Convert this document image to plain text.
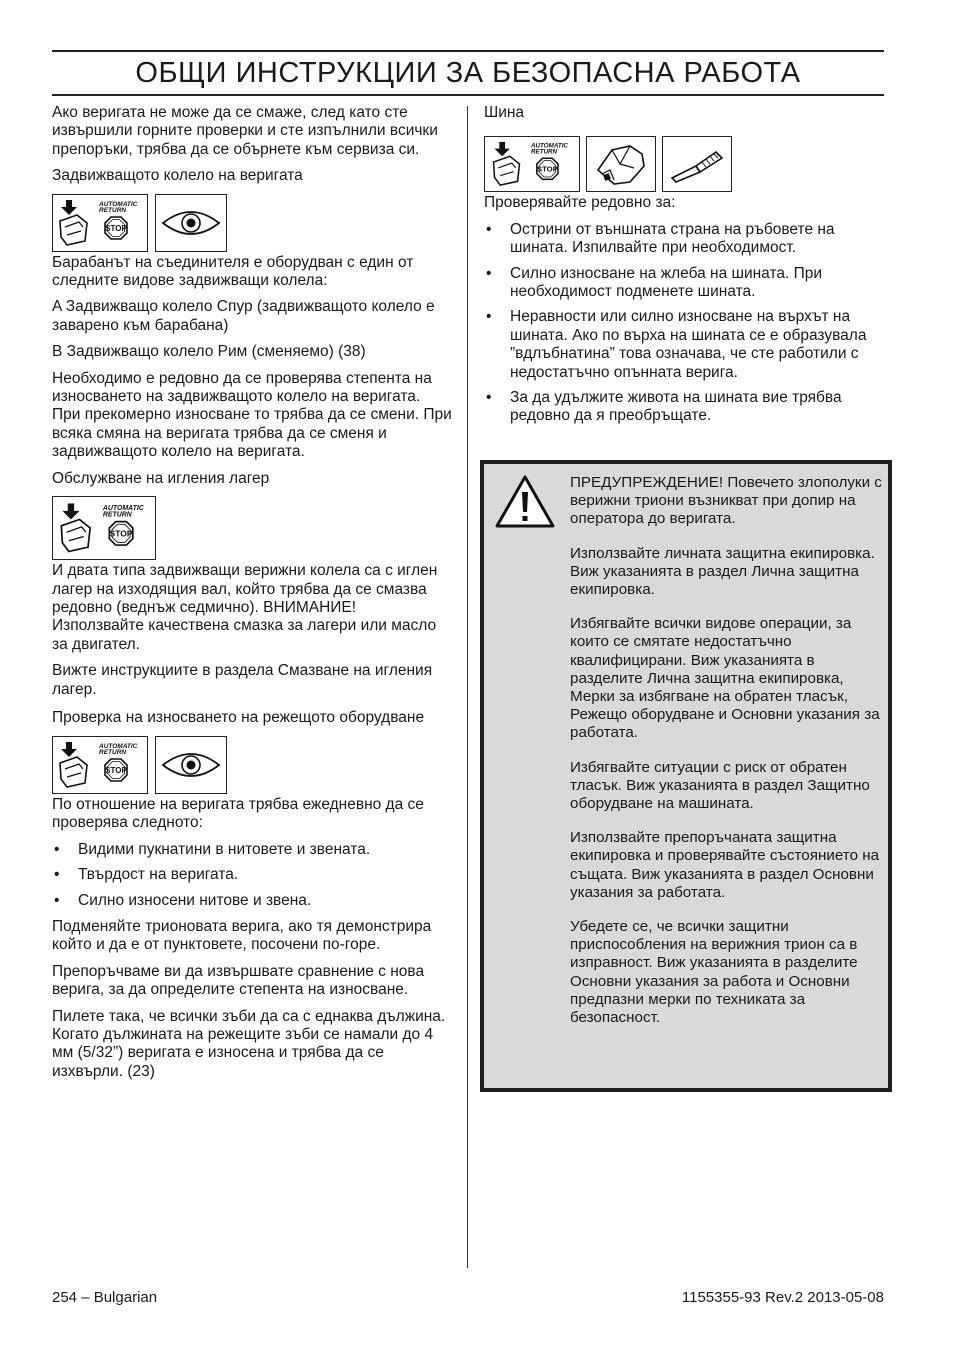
ОБЩИ ИНСТРУКЦИИ ЗА БЕЗОПАСНА РАБОТА

Ако веригата не може да се смаже, след като сте извършили горните проверки и сте изпълнили всички препоръки, трябва да се обърнете към сервиза си.

Задвижващото колело на веригата

AUTOMATIC
RETURN
STOP

Барабанът на съединителя е оборудван с един от следните видове задвижващи колела:

A Задвижващо колело Спур (задвижващото колело е заварено към барабана)

B Задвижващо колело Рим (сменяемо) (38)

Необходимо е редовно да се проверява степента на износването на задвижващото колело на веригата. При прекомерно износване то трябва да се смени. При всяка смяна на веригата трябва да се сменя и задвижващото колело на веригата.

Обслужване на игления лагер

AUTOMATIC
RETURN
STOP

И двата типа задвижващи верижни колела са с иглен лагер на изходящия вал, който трябва да се смазва редовно (веднъж седмично). ВНИМАНИЕ! Използвайте качествена смазка за лагери или масло за двигател.

Вижте инструкциите в раздела Смазване на игления лагер.

Проверка на износването на режещото оборудване

AUTOMATIC
RETURN
STOP

По отношение на веригата трябва ежедневно да се проверява следното:

• Видими пукнатини в нитовете и звената.
• Твърдост на веригата.
• Силно износени нитове и звена.

Подменяйте трионовата верига, ако тя демонстрира който и да е от пунктовете, посочени по-горе.

Препоръчваме ви да извършвате сравнение с нова верига, за да определите степента на износване.

Пилете така, че всички зъби да са с еднаква дължина. Когато дължината на режещите зъби се намали до 4 мм (5/32”) веригата е износена и трябва да се изхвърли. (23)

Шина

AUTOMATIC
RETURN
STOP

Проверявайте редовно за:

• Острини от външната страна на ръбовете на шината. Изпилвайте при необходимост.
• Силно износване на жлеба на шината. При необходимост подменете шината.
• Неравности или силно износване на върхът на шината. Ако по върха на шината се е образувала ”вдлъбнатина” това означава, че сте работили с недостатъчно опънната верига.
• За да удължите живота на шината вие трябва редовно да я преобръщате.

ПРЕДУПРЕЖДЕНИЕ! Повечето злополуки с верижни триони възникват при допир на оператора до веригата.

Използвайте личната защитна екипировка. Виж указанията в раздел Лична защитна екипировка.

Избягвайте всички видове операции, за които се смятате недостатъчно квалифицирани. Виж указанията в разделите Лична защитна екипировка, Мерки за избягване на обратен тласък, Режещо оборудване и Основни указания за работата.

Избягвайте ситуации с риск от обратен тласък. Виж указанията в раздел Защитно оборудване на машината.

Използвайте препоръчаната защитна екипировка и проверявайте състоянието на същата. Виж указанията в раздел Основни указания за работата.

Убедете се, че всички защитни приспособления на верижния трион са в изправност. Виж указанията в разделите Основни указания за работа и Основни предпазни мерки по техниката за безопасност.

254 – Bulgarian	1155355-93 Rev.2 2013-05-08
